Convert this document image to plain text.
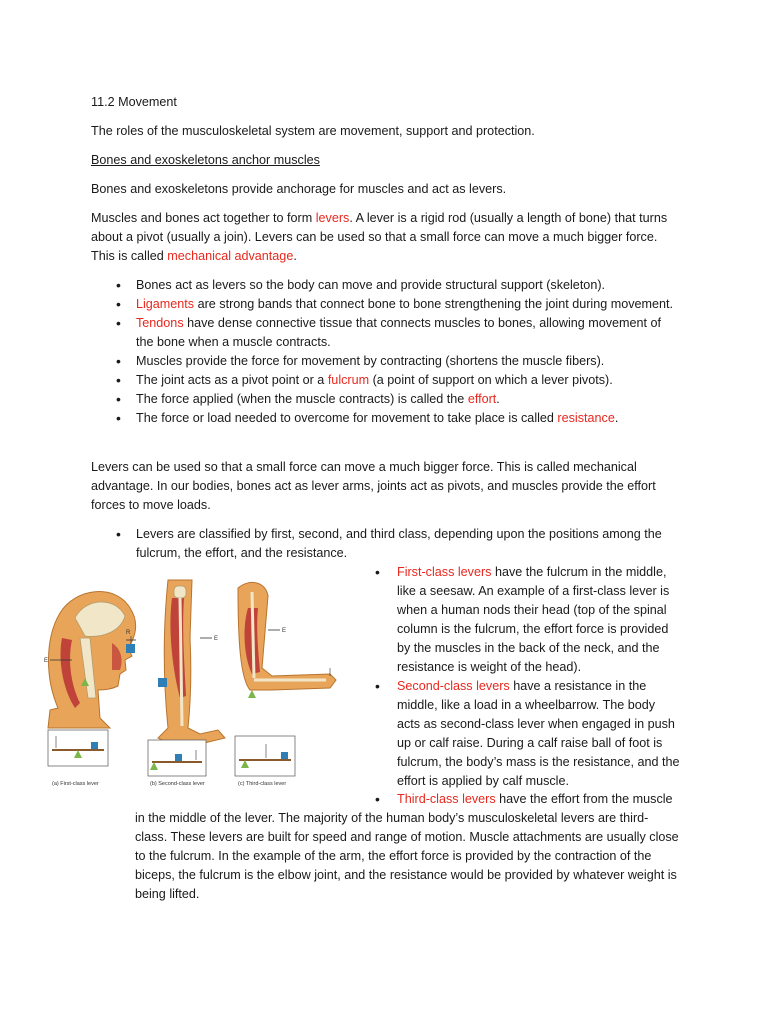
11.2 Movement

The roles of the musculoskeletal system are movement, support and protection.

Bones and exoskeletons anchor muscles

Bones and exoskeletons provide anchorage for muscles and act as levers.

Muscles and bones act together to form levers. A lever is a rigid rod (usually a length of bone) that turns about a pivot (usually a join). Levers can be used so that a small force can move a much bigger force. This is called mechanical advantage.

• Bones act as levers so the body can move and provide structural support (skeleton).
• Ligaments are strong bands that connect bone to bone strengthening the joint during movement.
• Tendons have dense connective tissue that connects muscles to bones, allowing movement of the bone when a muscle contracts.
• Muscles provide the force for movement by contracting (shortens the muscle fibers).
• The joint acts as a pivot point or a fulcrum (a point of support on which a lever pivots).
• The force applied (when the muscle contracts) is called the effort.
• The force or load needed to overcome for movement to take place is called resistance.

Levers can be used so that a small force can move a much bigger force. This is called mechanical advantage. In our bodies, bones act as lever arms, joints act as pivots, and muscles provide the effort forces to move loads.

• Levers are classified by first, second, and third class, depending upon the positions among the fulcrum, the effort, and the resistance.
• First-class levers have the fulcrum in the middle, like a seesaw. An example of a first-class lever is when a human nods their head (top of the spinal column is the fulcrum, the effort force is provided by the muscles in the back of the neck, and the resistance is weight of the head).
• Second-class levers have a resistance in the middle, like a load in a wheelbarrow. The body acts as second-class lever when engaged in push up or calf raise. During a calf raise ball of foot is fulcrum, the body’s mass is the resistance, and the effort is applied by calf muscle.
•	Third-class levers have the effort from the muscle
in the middle of the lever. The majority of the human body’s musculoskeletal levers are third-class. These levers are built for speed and range of motion. Muscle attachments are usually close to the fulcrum. In the example of the arm, the effort force is provided by the contraction of the biceps, the fulcrum is the elbow joint, and the resistance would be provided by whatever weight is being lifted.
E
R
E
E
(a) First-class lever	(b) Second-class lever	(c) Third-class lever
